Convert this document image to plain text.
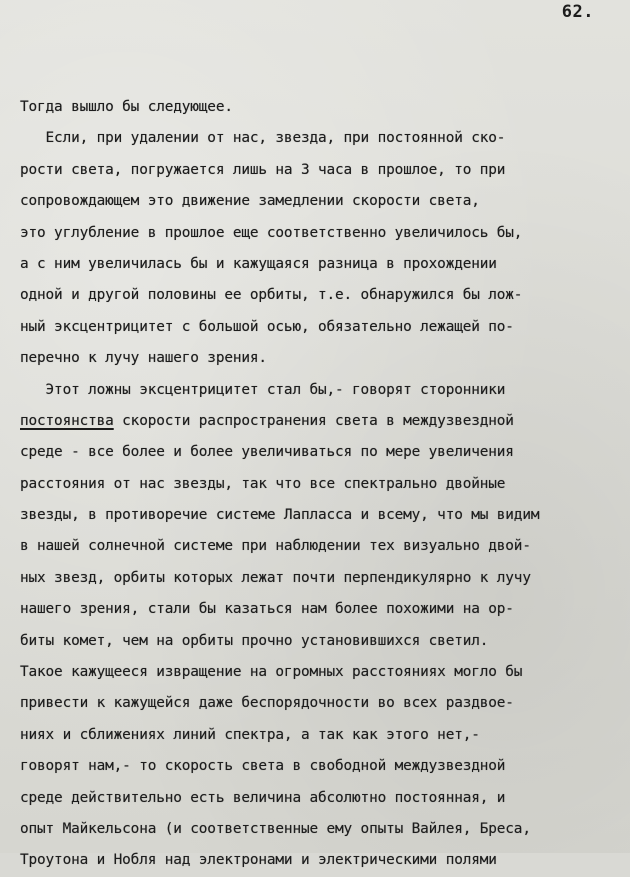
62.
Тогда вышло бы следующее.
Если, при удалении от нас, звезда, при постоянной ско-
рости света, погружается лишь на 3 часа в прошлое, то при
сопровождающем это движение замедлении скорости света,
это углубление в прошлое еще соответственно увеличилось бы,
а с ним увеличилась бы и кажущаяся разница в прохождении
одной и другой половины ее орбиты, т.е. обнаружился бы лож-
ный эксцентрицитет с большой осью, обязательно лежащей по-
перечно к лучу нашего зрения.
Этот ложны эксцентрицитет стал бы,- говорят сторонники
постоянства скорости распространения света в междузвездной
среде - все более и более увеличиваться по мере увеличения
расстояния от нас звезды, так что все спектрально двойные
звезды, в противоречие системе Лапласса и всему, что мы видим
в нашей солнечной системе при наблюдении тех визуально двой-
ных звезд, орбиты которых лежат почти перпендикулярно к лучу
нашего зрения, стали бы казаться нам более похожими на ор-
биты комет, чем на орбиты прочно установившихся светил.
Такое кажущееся извращение на огромных расстояниях могло бы
привести к кажущейся даже беспорядочности во всех раздвое-
ниях и сближениях линий спектра, а так как этого нет,-
говорят нам,- то скорость света в свободной междузвездной
среде действительно есть величина абсолютно постоянная, и
опыт Майкельсона (и соответственные ему опыты Вайлея, Бреса,
Троутона и Нобля над электронами и электрическими полями
